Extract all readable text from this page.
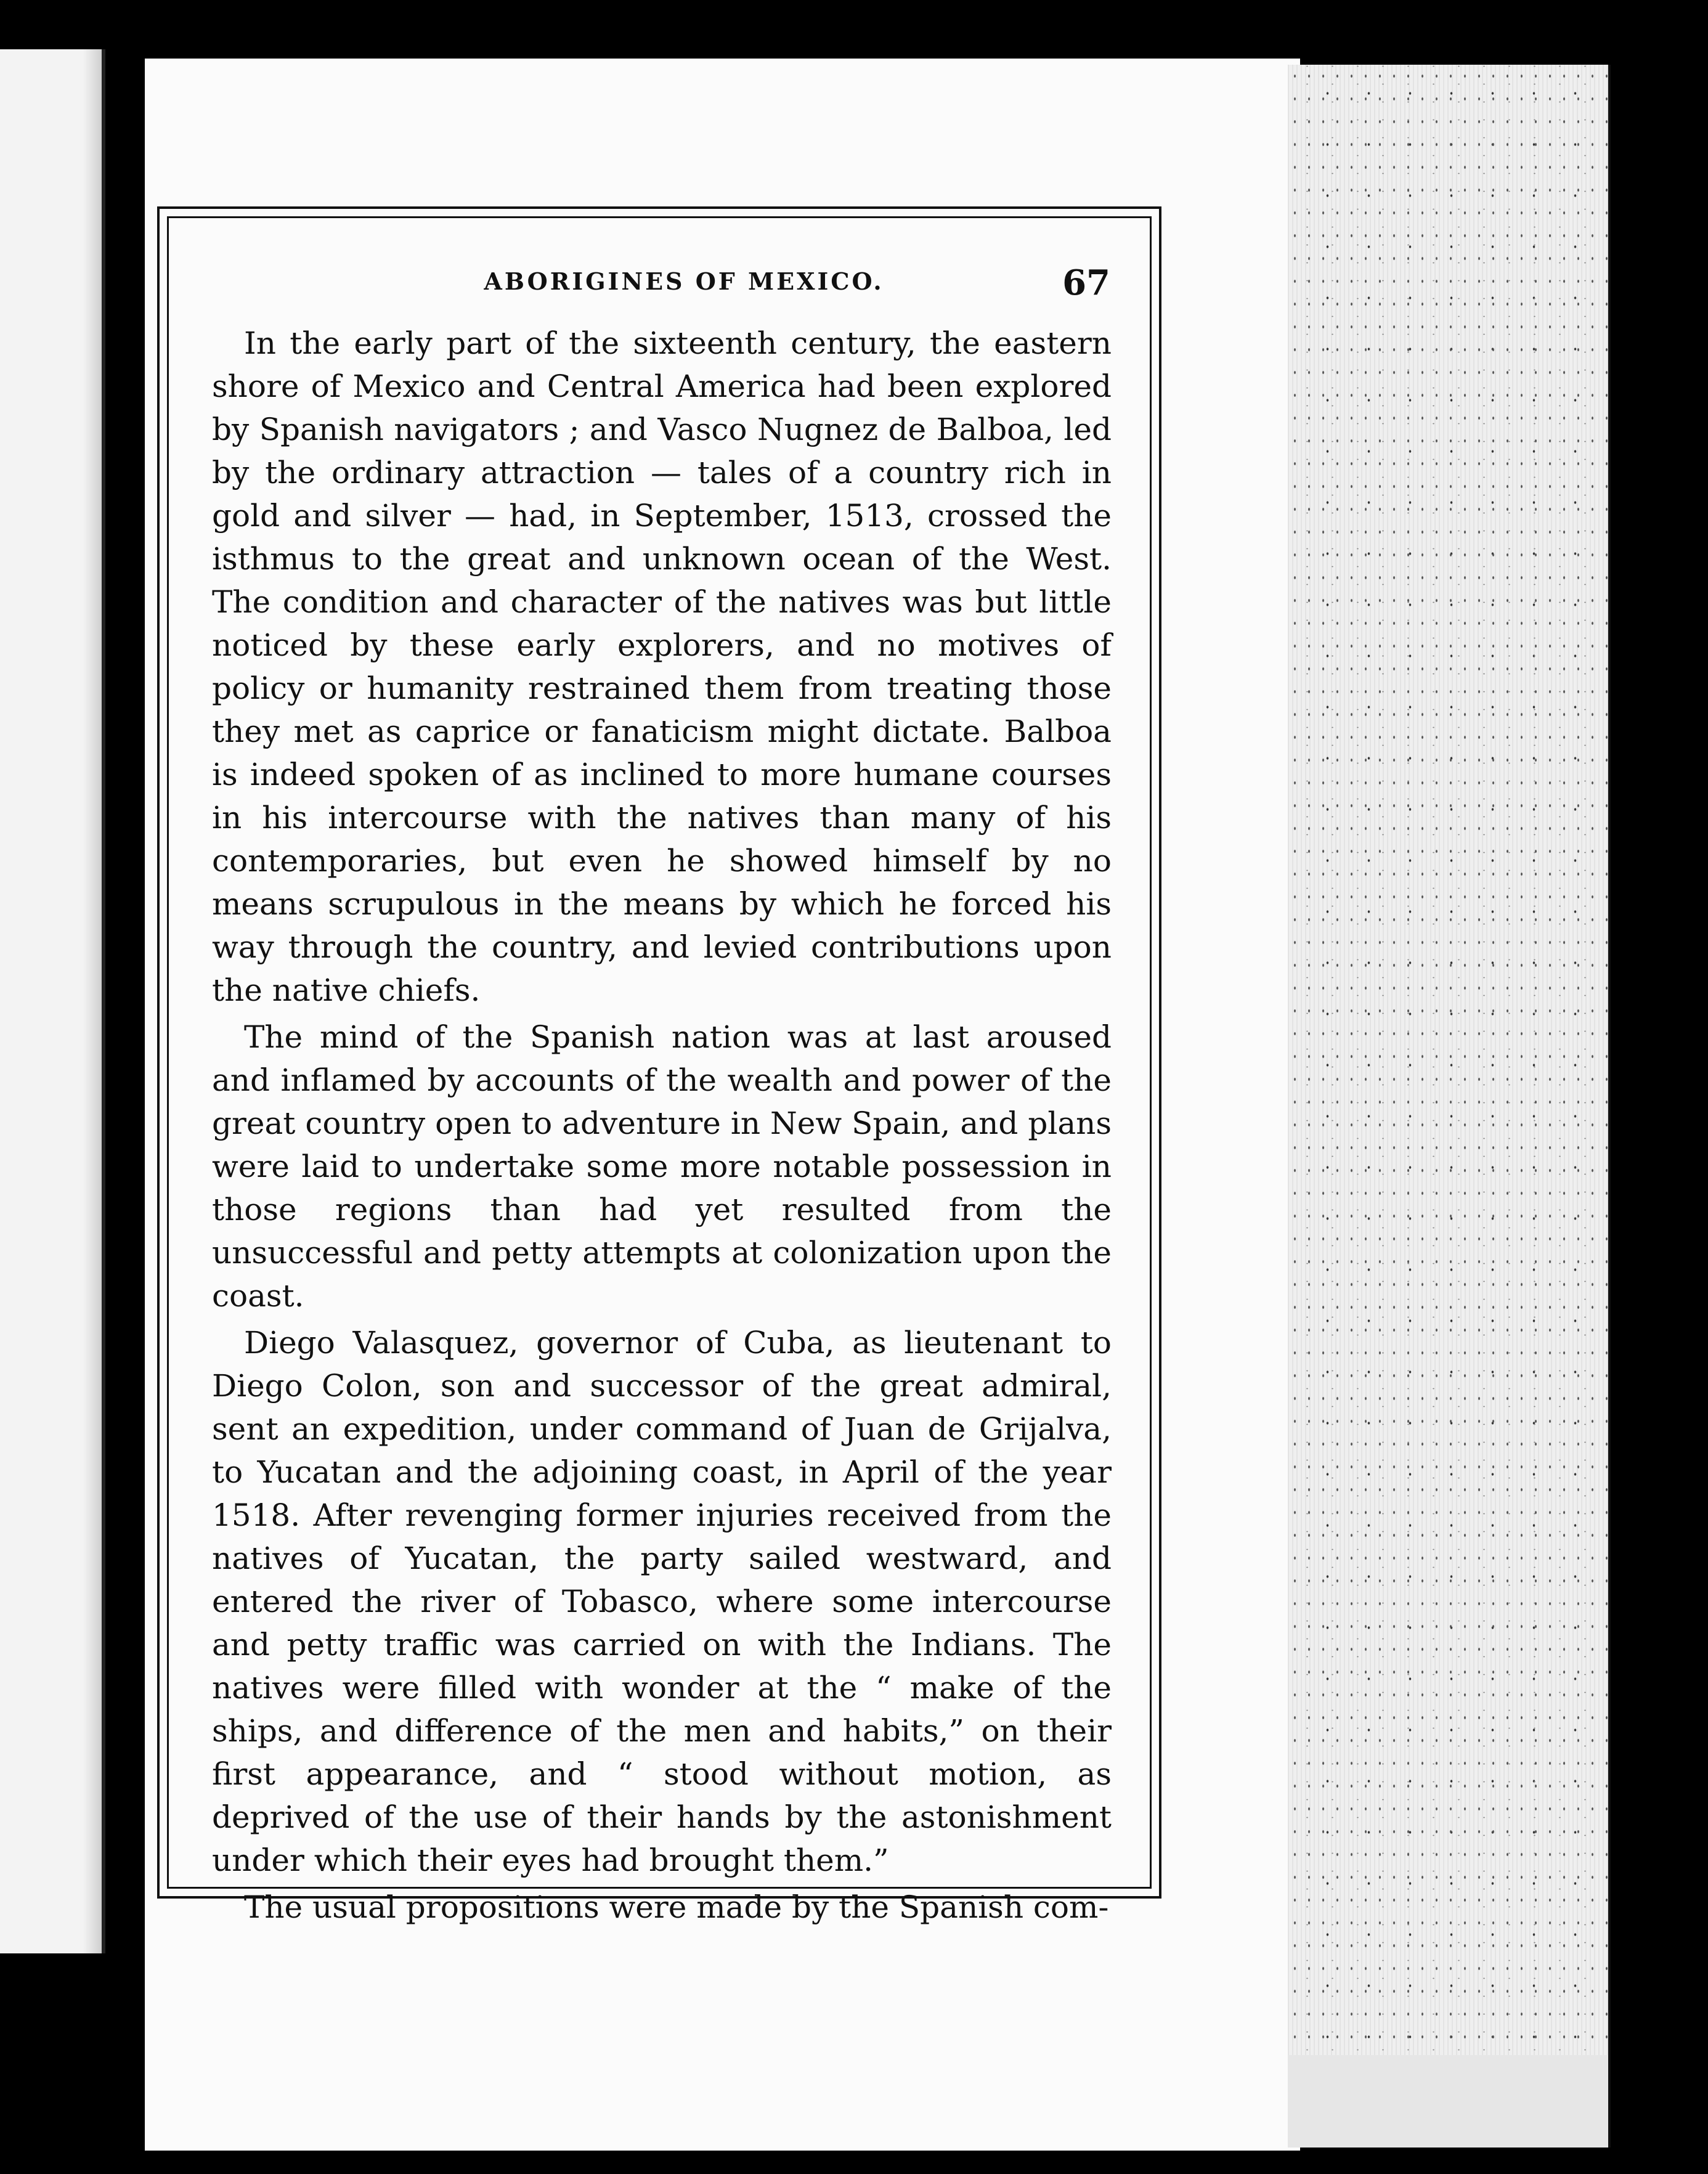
ABORIGINES OF MEXICO.	67

In the early part of the sixteenth century, the eastern shore of Mexico and Central America had been explored by Spanish navigators ; and Vasco Nugnez de Balboa, led by the ordinary attraction — tales of a country rich in gold and silver — had, in September, 1513, crossed the isthmus to the great and unknown ocean of the West. The condition and character of the natives was but little noticed by these early explorers, and no motives of policy or humanity restrained them from treating those they met as caprice or fanaticism might dictate. Balboa is indeed spoken of as inclined to more humane courses in his intercourse with the natives than many of his contemporaries, but even he showed himself by no means scrupulous in the means by which he forced his way through the country, and levied contributions upon the native chiefs.

The mind of the Spanish nation was at last aroused and inflamed by accounts of the wealth and power of the great country open to adventure in New Spain, and plans were laid to undertake some more notable possession in those regions than had yet resulted from the unsuccessful and petty attempts at colonization upon the coast.

Diego Valasquez, governor of Cuba, as lieutenant to Diego Colon, son and successor of the great admiral, sent an expedition, under command of Juan de Grijalva, to Yucatan and the adjoining coast, in April of the year 1518. After revenging former injuries received from the natives of Yucatan, the party sailed westward, and entered the river of Tobasco, where some intercourse and petty traffic was carried on with the Indians. The natives were filled with wonder at the “ make of the ships, and difference of the men and habits,” on their first appearance, and “ stood without motion, as deprived of the use of their hands by the astonishment under which their eyes had brought them.”

The usual propositions were made by the Spanish com-
